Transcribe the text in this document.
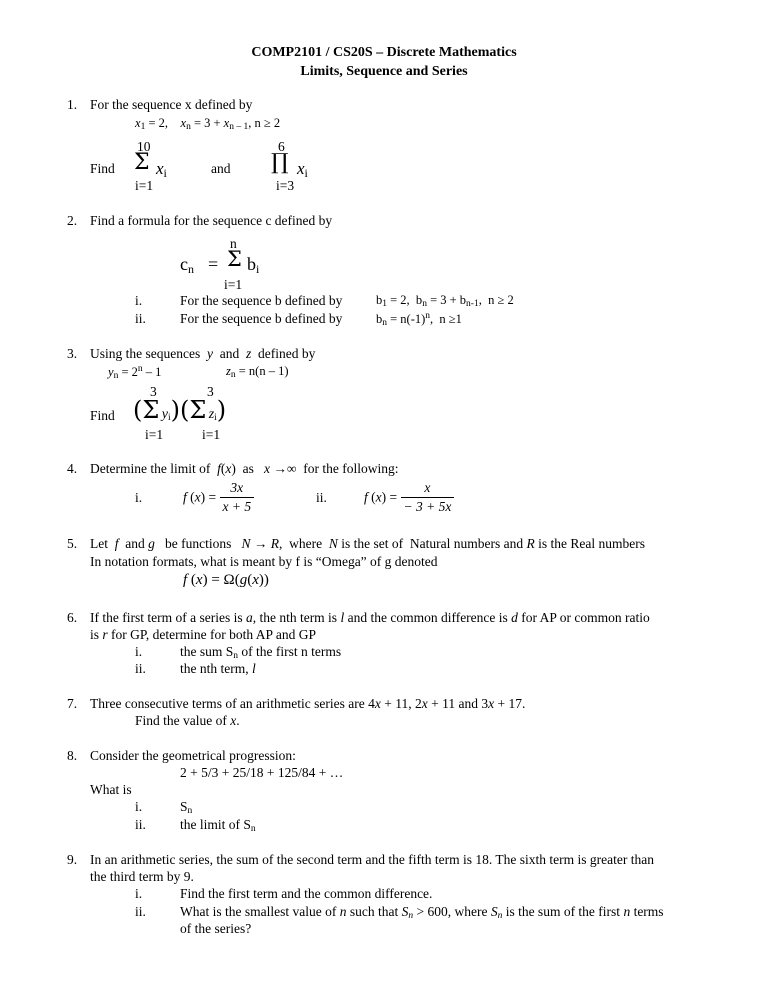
COMP2101 / CS20S – Discrete Mathematics
Limits, Sequence and Series
1. For the sequence x defined by
$x_1 = 2$,    $x_n = 3 + x_{n - 1}$, n ≥ 2
10
Find Σ xi
i=1
and
6
∏ xi
i=3
2. Find a formula for the sequence c defined by
n
cn = Σ bi
i=1
i.	For the sequence b defined by	$b_1 = 2$,  $b_n = 3 + b_{n-1}$,  n ≥ 2
ii.	For the sequence b defined by	$b_n = n(-1)^n$,  n ≥1
3. Using the sequences  y  and  z  defined by
$y_n = 2^n - 1$	$z_n = n(n - 1)$
3	3
Find (Σ $y_i)(\Sigma$ $z_i$)
i=1	i=1
4. Determine the limit of  f(x)  as   x →∞  for the following:
i.	f $(x) = \frac{3x}{x + 5}$	ii.	f $(x) = \frac{x}{- 3 + 5x}$
5. Let  f  and g   be functions   N → R,  where  N is the set of  Natural numbers and R is the Real numbers
In notation formats, what is meant by f is “Omega” of g denoted
f (x) = Ω(g(x))
6. If the first term of a series is a, the nth term is l and the common difference is d for AP or common ratio
is r for GP, determine for both AP and GP
i.	the sum $S_n$ of the first n terms
ii.	the nth term, l
7. Three consecutive terms of an arithmetic series are 4x + 11, 2x + 11 and 3x + 17.
Find the value of x.
8. Consider the geometrical progression:
2 + 5/3 + 25/18 + 125/84 + …
What is
i.	$S_n$
ii.	the limit of $S_n$
9. In an arithmetic series, the sum of the second term and the fifth term is 18. The sixth term is greater than
the third term by 9.
i.	Find the first term and the common difference.
ii.	What is the smallest value of n such that $S_n > 600$, where $S_n$ is the sum of the first n terms
of the series?
